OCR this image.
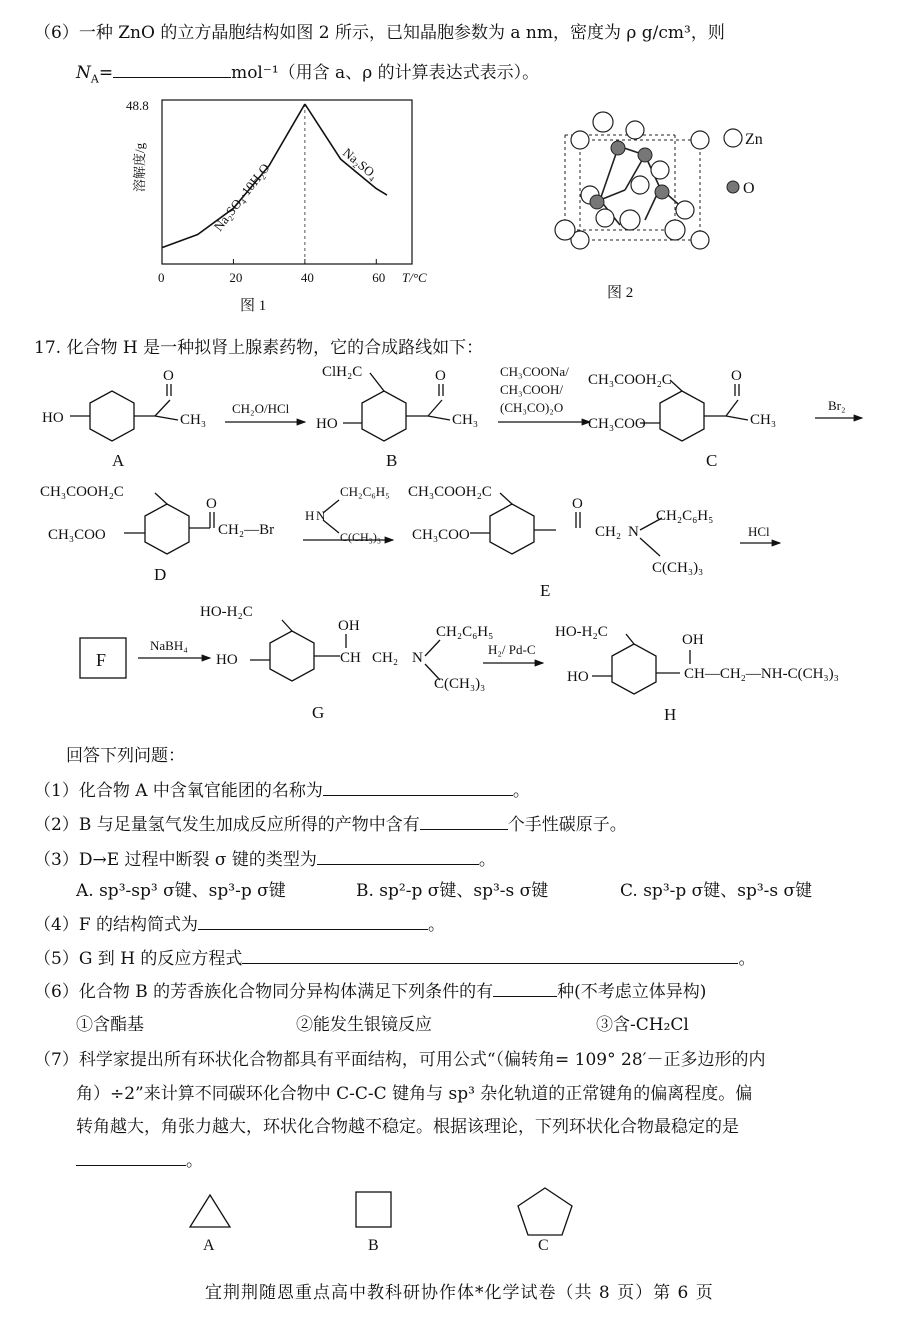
（6）一种 ZnO 的立方晶胞结构如图 2 所示，已知晶胞参数为 a nm，密度为 ρ g/cm³，则
$N_A=$	mol⁻¹（用含 a、ρ 的计算表达式表示）。
溶解度/g
48.8
0	20	40	60 T/°C
Na₂SO₄·10H₂O	Na₂SO₄
图 1
Zn
O
图 2
17. 化合物 H 是一种拟肾上腺素药物，它的合成路线如下：
HO
O
CH₃
A
CH₂O/HCl
HO
ClH₂C	O
CH₃
B
CH₃COONa/
CH₃COOH/
(CH₃CO)₂O
CH₃COOH₂C
CH₃COO
O
CH₃
C
Br₂
CH₃COOH₂C
CH₃COO
O
CH₂—Br
D
H N
CH₂C₆H₅
C(CH₃)₃
CH₃COOH₂C
CH₃COO
O
CH₂ N
CH₂C₆H₅
C(CH₃)₃
E
HCl
F
NaBH₄
HO-H₂C
HO
OH
CH CH₂ N
CH₂C₆H₅
C(CH₃)₃
G
H₂/ Pd-C
HO-H₂C
HO
OH
CH—CH₂—NH-C(CH₃)₃
H
回答下列问题：
（1）化合物 A 中含氧官能团的名称为	。
（2）B 与足量氢气发生加成反应所得的产物中含有	个手性碳原子。
（3）D→E 过程中断裂 σ 键的类型为	。
A. sp³-sp³ σ键、sp³-p σ键	B. sp²-p σ键、sp³-s σ键	C. sp³-p σ键、sp³-s σ键
（4）F 的结构简式为	。
（5）G 到 H 的反应方程式	。
（6）化合物 B 的芳香族化合物同分异构体满足下列条件的有	种(不考虑立体异构)
①含酯基	②能发生银镜反应	③含-CH₂Cl
（7）科学家提出所有环状化合物都具有平面结构，可用公式“（偏转角= 109° 28′－正多边形的内
角）÷2”来计算不同碳环化合物中 C-C-C 键角与 sp³ 杂化轨道的正常键角的偏离程度。偏
转角越大，角张力越大，环状化合物越不稳定。根据该理论，下列环状化合物最稳定的是
。
A	B	C
宜荆荆随恩重点高中教科研协作体*化学试卷（共 8 页）第 6 页
